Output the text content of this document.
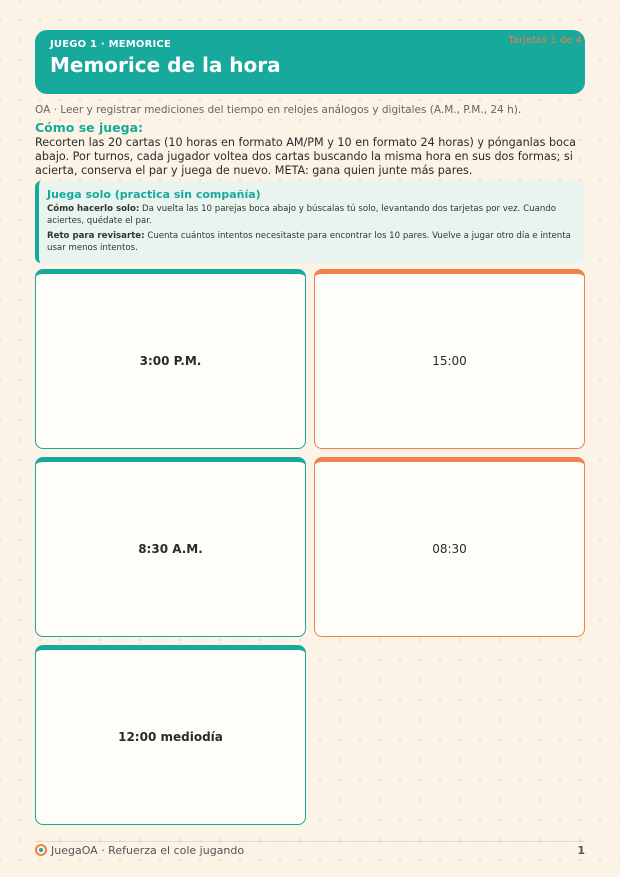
JUEGO 1 · MEMORICE
Memorice de la hora
Tarjetas 1 de 4
OA · Leer y registrar mediciones del tiempo en relojes análogos y digitales (A.M., P.M., 24 h).
Cómo se juega:
Recorten las 20 cartas (10 horas en formato AM/PM y 10 en formato 24 horas) y pónganlas boca abajo. Por turnos, cada jugador voltea dos cartas buscando la misma hora en sus dos formas; si acierta, conserva el par y juega de nuevo. META: gana quien junte más pares.
Juega solo (practica sin compañía)
Cómo hacerlo solo: Da vuelta las 10 parejas boca abajo y búscalas tú solo, levantando dos tarjetas por vez. Cuando aciertes, quédate el par.
Reto para revisarte: Cuenta cuántos intentos necesitaste para encontrar los 10 pares. Vuelve a jugar otro día e intenta usar menos intentos.
3:00 P.M.	15:00
8:30 A.M.	08:30
12:00 mediodía
JuegaOA · Refuerza el cole jugando	1
